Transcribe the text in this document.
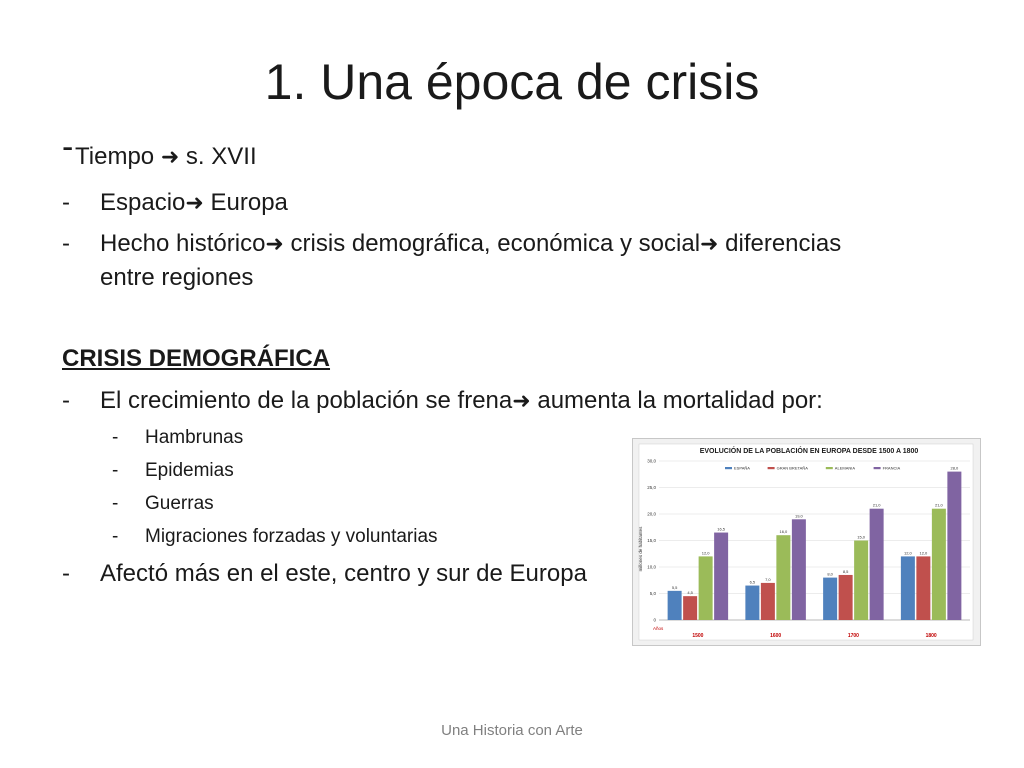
1. Una época de crisis
- Tiempo ➜ s. XVII
- Espacio➜ Europa
- Hecho histórico➜ crisis demográfica, económica y social➜ diferencias
entre regiones
CRISIS DEMOGRÁFICA
- El crecimiento de la población se frena➜ aumenta la mortalidad por:
- Hambrunas
- Epidemias
- Guerras
- Migraciones forzadas y voluntarias
- Afectó más en el este, centro y sur de Europa
EVOLUCIÓN DE LA POBLACIÓN EN EUROPA DESDE 1500 A 1800
millones de habitantes
Años
0
5,0
10,0
15,0
20,0
25,0
30,0
5,5
4,5
12,0
16,5
1500
6,5
7,0
16,0
19,0
1600
8,0
8,5
15,0
21,0
1700
12,0 12,0
21,0
28,0
1800
ESPAÑA	GRAN BRETAÑA	ALEMANIA	FRANCIA
Una Historia con Arte
